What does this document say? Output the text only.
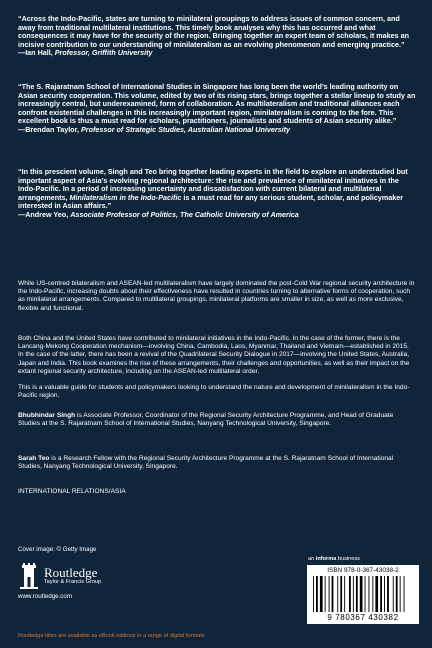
“Across the Indo-Pacific, states are turning to minilateral groupings to address issues of common concern, and away from traditional multilateral institutions. This timely book analyses why this has occurred and what consequences it may have for the security of the region. Bringing together an expert team of scholars, it makes an incisive contribution to our understanding of minilateralism as an evolving phenomenon and emerging practice.”

—Ian Hall, Professor, Griffith University

“The S. Rajaratnam School of International Studies in Singapore has long been the world’s leading authority on Asian security cooperation. This volume, edited by two of its rising stars, brings together a stellar lineup to study an increasingly central, but underexamined, form of collaboration. As multilateralism and traditional alliances each confront existential challenges in this increasingly important region, minilateralism is coming to the fore. This excellent book is thus a must read for scholars, practitioners, journalists and students of Asian security alike.”

—Brendan Taylor, Professor of Strategic Studies, Australian National University

“In this prescient volume, Singh and Teo bring together leading experts in the field to explore an understudied but important aspect of Asia’s evolving regional architecture: the rise and prevalence of minilateral initiatives in the Indo-Pacific. In a period of increasing uncertainty and dissatisfaction with current bilateral and multilateral arrangements, Minilateralism in the Indo-Pacific is a must read for any serious student, scholar, and policymaker interested in Asian affairs.”

—Andrew Yeo, Associate Professor of Politics, The Catholic University of America

While US-centred bilateralism and ASEAN-led multilateralism have largely dominated the post-Cold War regional security architecture in the Indo-Pacific, increasing doubts about their effectiveness have resulted in countries turning to alternative forms of cooperation, such as minilateral arrangements. Compared to multilateral groupings, minilateral platforms are smaller in size, as well as more exclusive, flexible and functional.

Both China and the United States have contributed to minilateral initiatives in the Indo-Pacific. In the case of the former, there is the Lancang-Mekong Cooperation mechanism—involving China, Cambodia, Laos, Myanmar, Thailand and Vietnam—established in 2015. In the case of the latter, there has been a revival of the Quadrilateral Security Dialogue in 2017—involving the United States, Australia, Japan and India. This book examines the rise of these arrangements, their challenges and opportunities, as well as their impact on the extant regional security architecture, including on the ASEAN-led multilateral order.

This is a valuable guide for students and policymakers looking to understand the nature and development of minilateralism in the Indo-Pacific region.

Bhubhindar Singh is Associate Professor, Coordinator of the Regional Security Architecture Programme, and Head of Graduate Studies at the S. Rajaratnam School of International Studies, Nanyang Technological University, Singapore.

Sarah Teo is a Research Fellow with the Regional Security Architecture Programme at the S. Rajaratnam School of International Studies, Nanyang Technological University, Singapore.

INTERNATIONAL RELATIONS/ASIA
Cover image: © Getty Image
Routledge
Taylor & Francis Group
www.routledge.com
an informa business
ISBN 978-0-367-43038-2
9 780367 430382
Routledge titles are available as eBook editions in a range of digital formats
